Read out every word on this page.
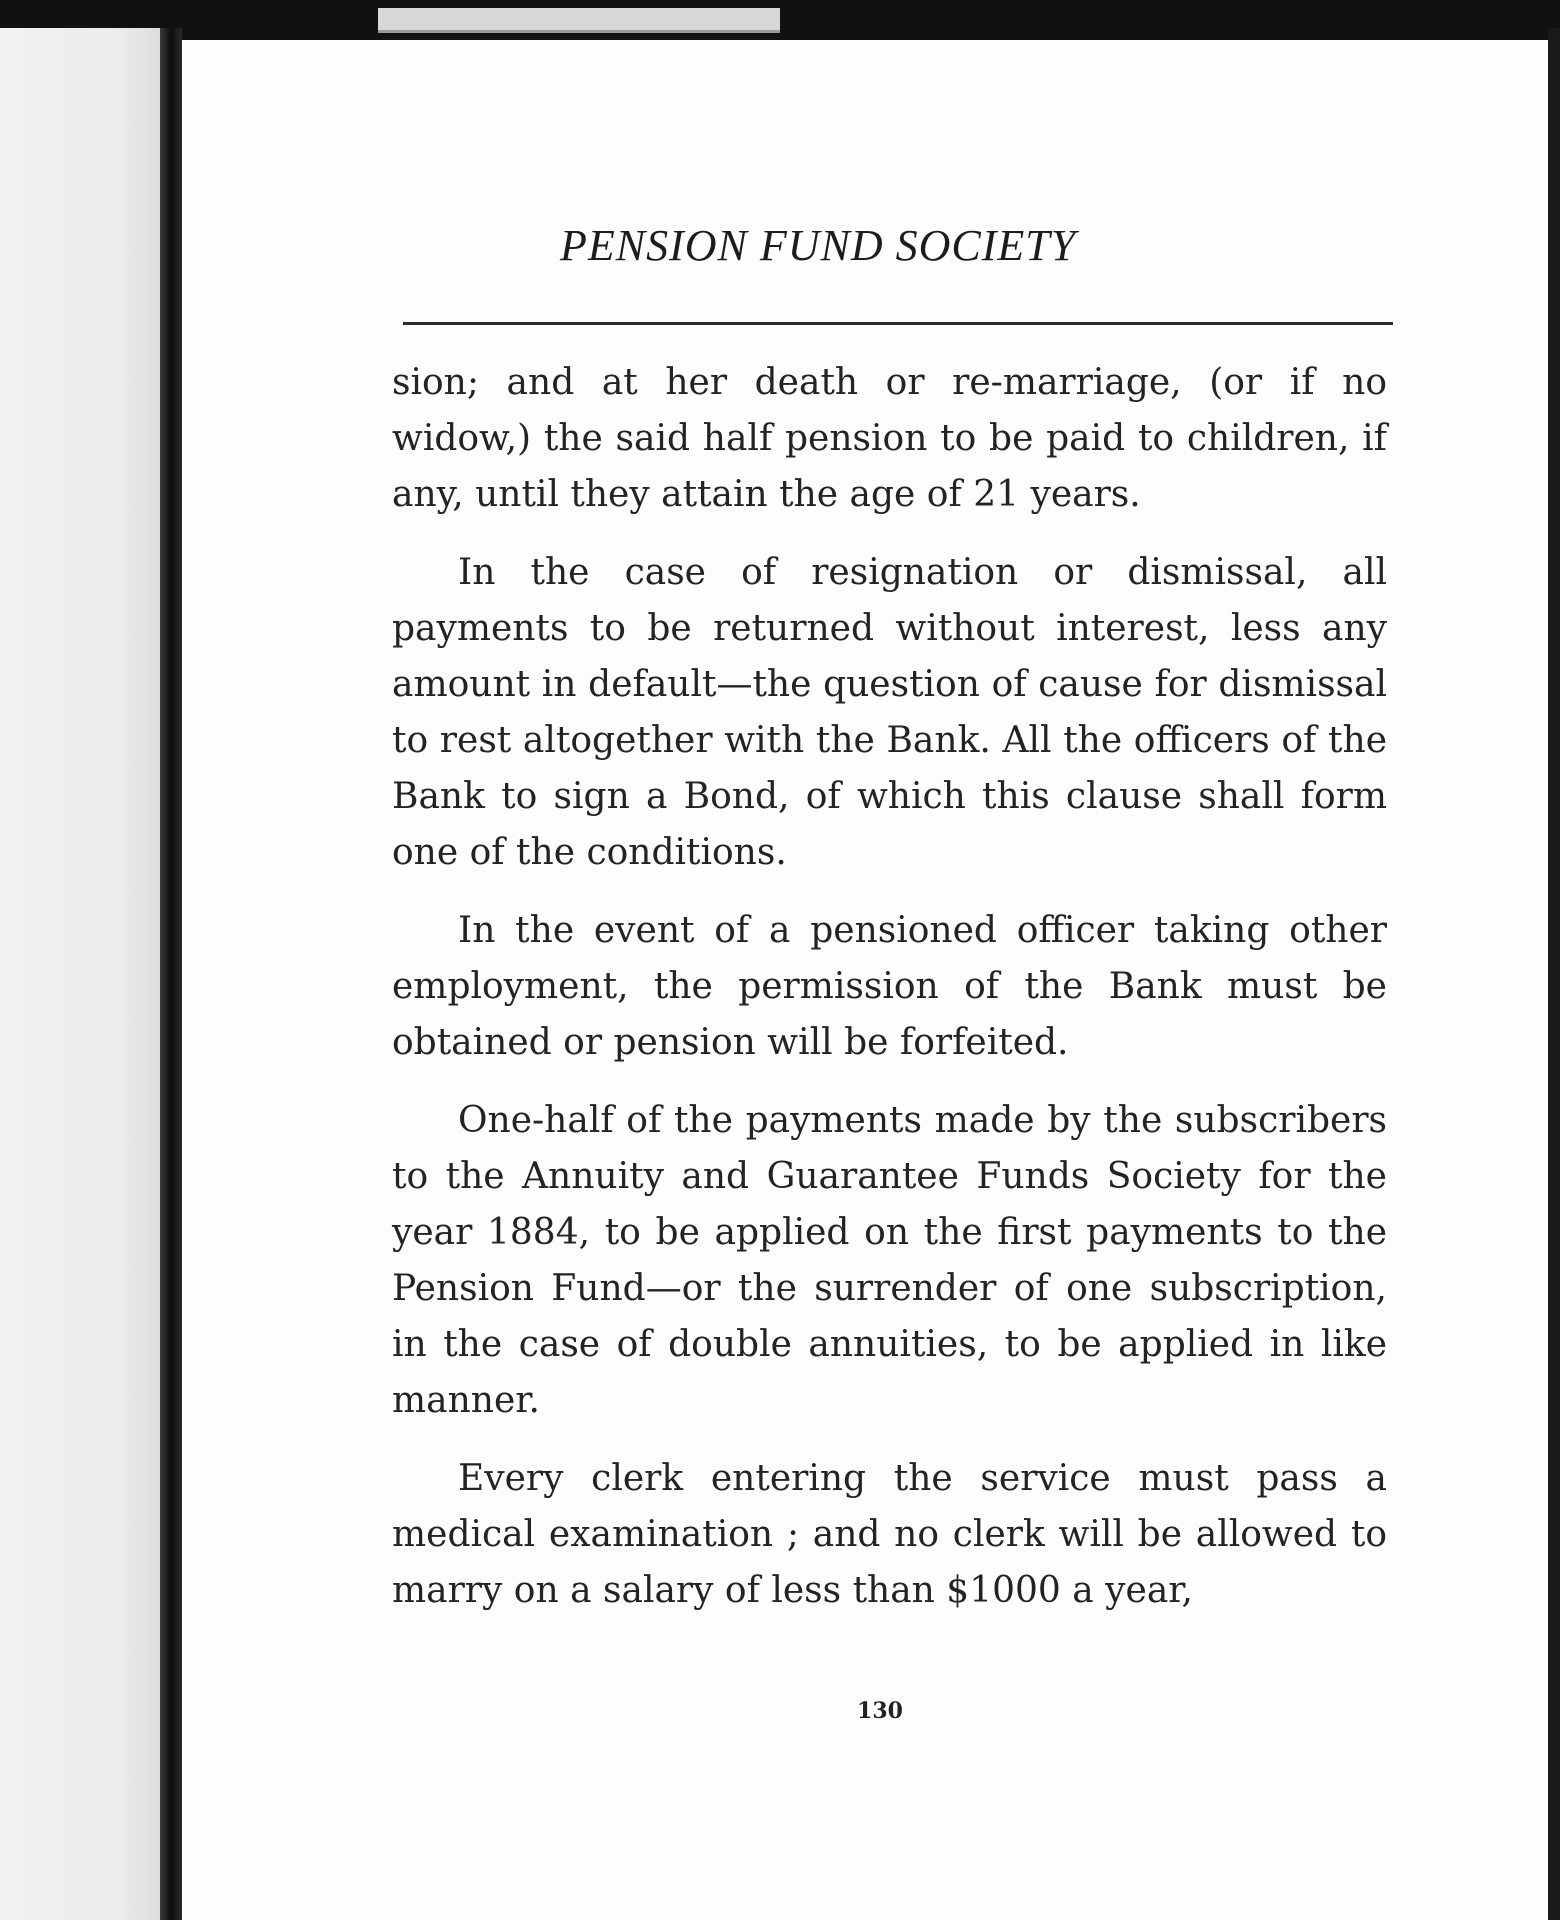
PENSION FUND SOCIETY

sion; and at her death or re-marriage, (or if no widow,) the said half pension to be paid to children, if any, until they attain the age of 21 years.

In the case of resignation or dismissal, all payments to be returned without interest, less any amount in default—the question of cause for dismissal to rest altogether with the Bank. All the officers of the Bank to sign a Bond, of which this clause shall form one of the conditions.

In the event of a pensioned officer taking other employment, the permission of the Bank must be obtained or pension will be forfeited.

One-half of the payments made by the subscribers to the Annuity and Guarantee Funds Society for the year 1884, to be applied on the first payments to the Pension Fund—or the surrender of one subscription, in the case of double annuities, to be applied in like manner.

Every clerk entering the service must pass a medical examination ; and no clerk will be allowed to marry on a salary of less than $1000 a year,

130
